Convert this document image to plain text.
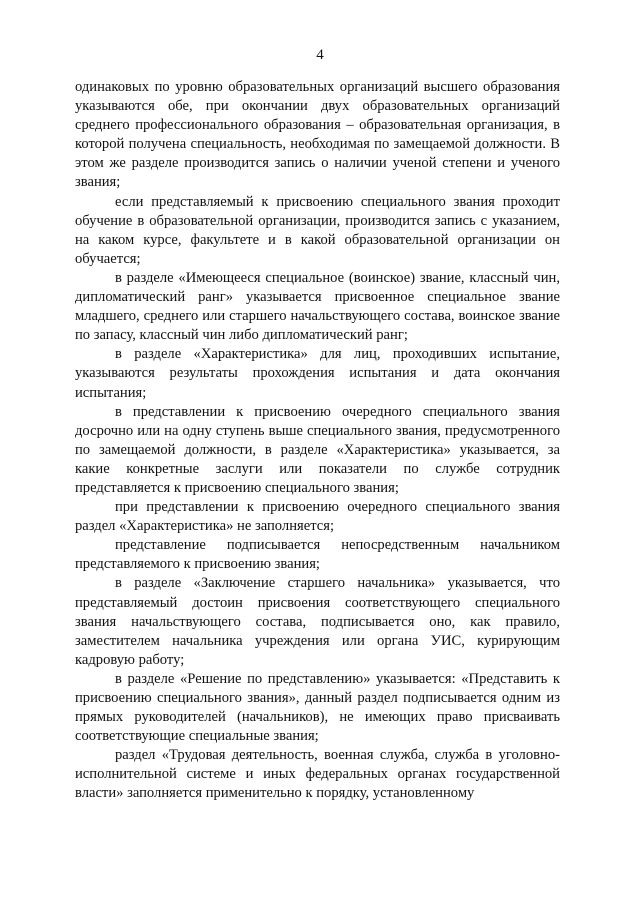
4

одинаковых по уровню образовательных организаций высшего образования указываются обе, при окончании двух образовательных организаций среднего профессионального образования – образовательная организация, в которой получена специальность, необходимая по замещаемой должности. В этом же разделе производится запись о наличии ученой степени и ученого звания;

если представляемый к присвоению специального звания проходит обучение в образовательной организации, производится запись с указанием, на каком курсе, факультете и в какой образовательной организации он обучается;

в разделе «Имеющееся специальное (воинское) звание, классный чин, дипломатический ранг» указывается присвоенное специальное звание младшего, среднего или старшего начальствующего состава, воинское звание по запасу, классный чин либо дипломатический ранг;

в разделе «Характеристика» для лиц, проходивших испытание, указываются результаты прохождения испытания и дата окончания испытания;

в представлении к присвоению очередного специального звания досрочно или на одну ступень выше специального звания, предусмотренного по замещаемой должности, в разделе «Характеристика» указывается, за какие конкретные заслуги или показатели по службе сотрудник представляется к присвоению специального звания;

при представлении к присвоению очередного специального звания раздел «Характеристика» не заполняется;

представление подписывается непосредственным начальником представляемого к присвоению звания;

в разделе «Заключение старшего начальника» указывается, что представляемый достоин присвоения соответствующего специального звания начальствующего состава, подписывается оно, как правило, заместителем начальника учреждения или органа УИС, курирующим кадровую работу;

в разделе «Решение по представлению» указывается: «Представить к присвоению специального звания», данный раздел подписывается одним из прямых руководителей (начальников), не имеющих право присваивать соответствующие специальные звания;

раздел «Трудовая деятельность, военная служба, служба в уголовно-исполнительной системе и иных федеральных органах государственной власти» заполняется применительно к порядку, установленному
